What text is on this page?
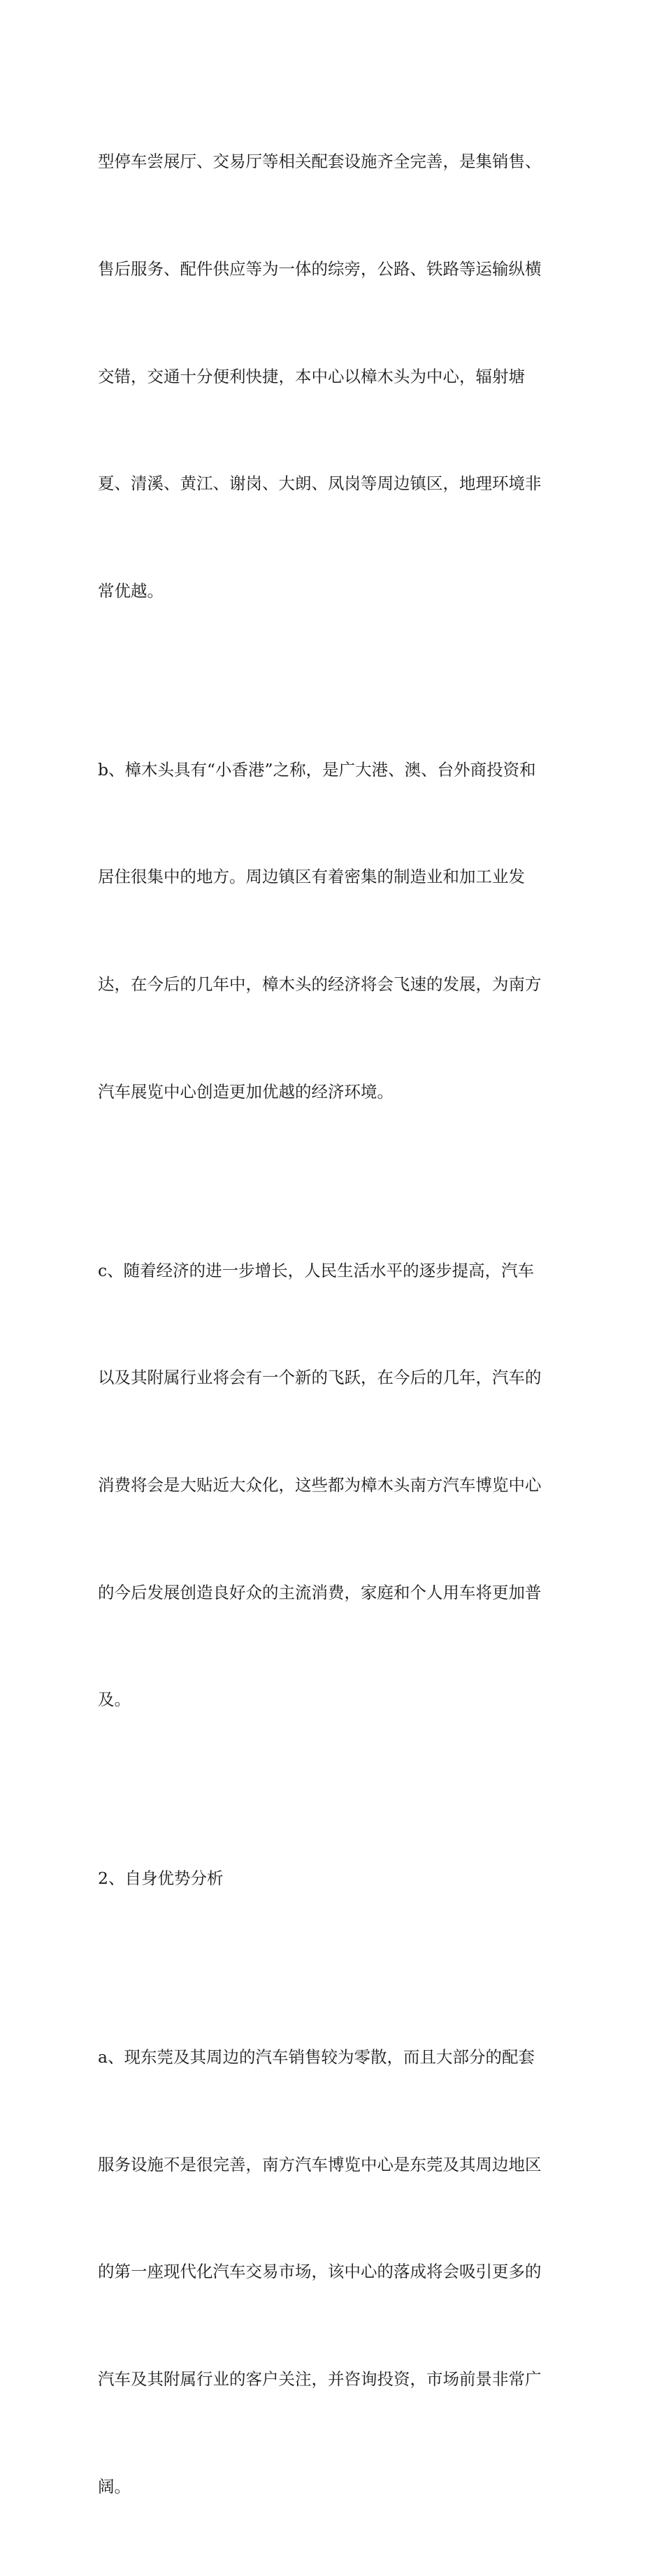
型停车尝展厅、交易厅等相关配套设施齐全完善，是集销售、

售后服务、配件供应等为一体的综旁，公路、铁路等运输纵横

交错，交通十分便利快捷，本中心以樟木头为中心，辐射塘

夏、清溪、黄江、谢岗、大朗、凤岗等周边镇区，地理环境非

常优越。

b、樟木头具有“小香港”之称，是广大港、澳、台外商投资和

居住很集中的地方。周边镇区有着密集的制造业和加工业发

达，在今后的几年中，樟木头的经济将会飞速的发展，为南方

汽车展览中心创造更加优越的经济环境。

c、随着经济的进一步增长，人民生活水平的逐步提高，汽车

以及其附属行业将会有一个新的飞跃，在今后的几年，汽车的

消费将会是大贴近大众化，这些都为樟木头南方汽车博览中心

的今后发展创造良好众的主流消费，家庭和个人用车将更加普

及。

2、自身优势分析

a、现东莞及其周边的汽车销售较为零散，而且大部分的配套

服务设施不是很完善，南方汽车博览中心是东莞及其周边地区

的第一座现代化汽车交易市场，该中心的落成将会吸引更多的

汽车及其附属行业的客户关注，并咨询投资，市场前景非常广

阔。
